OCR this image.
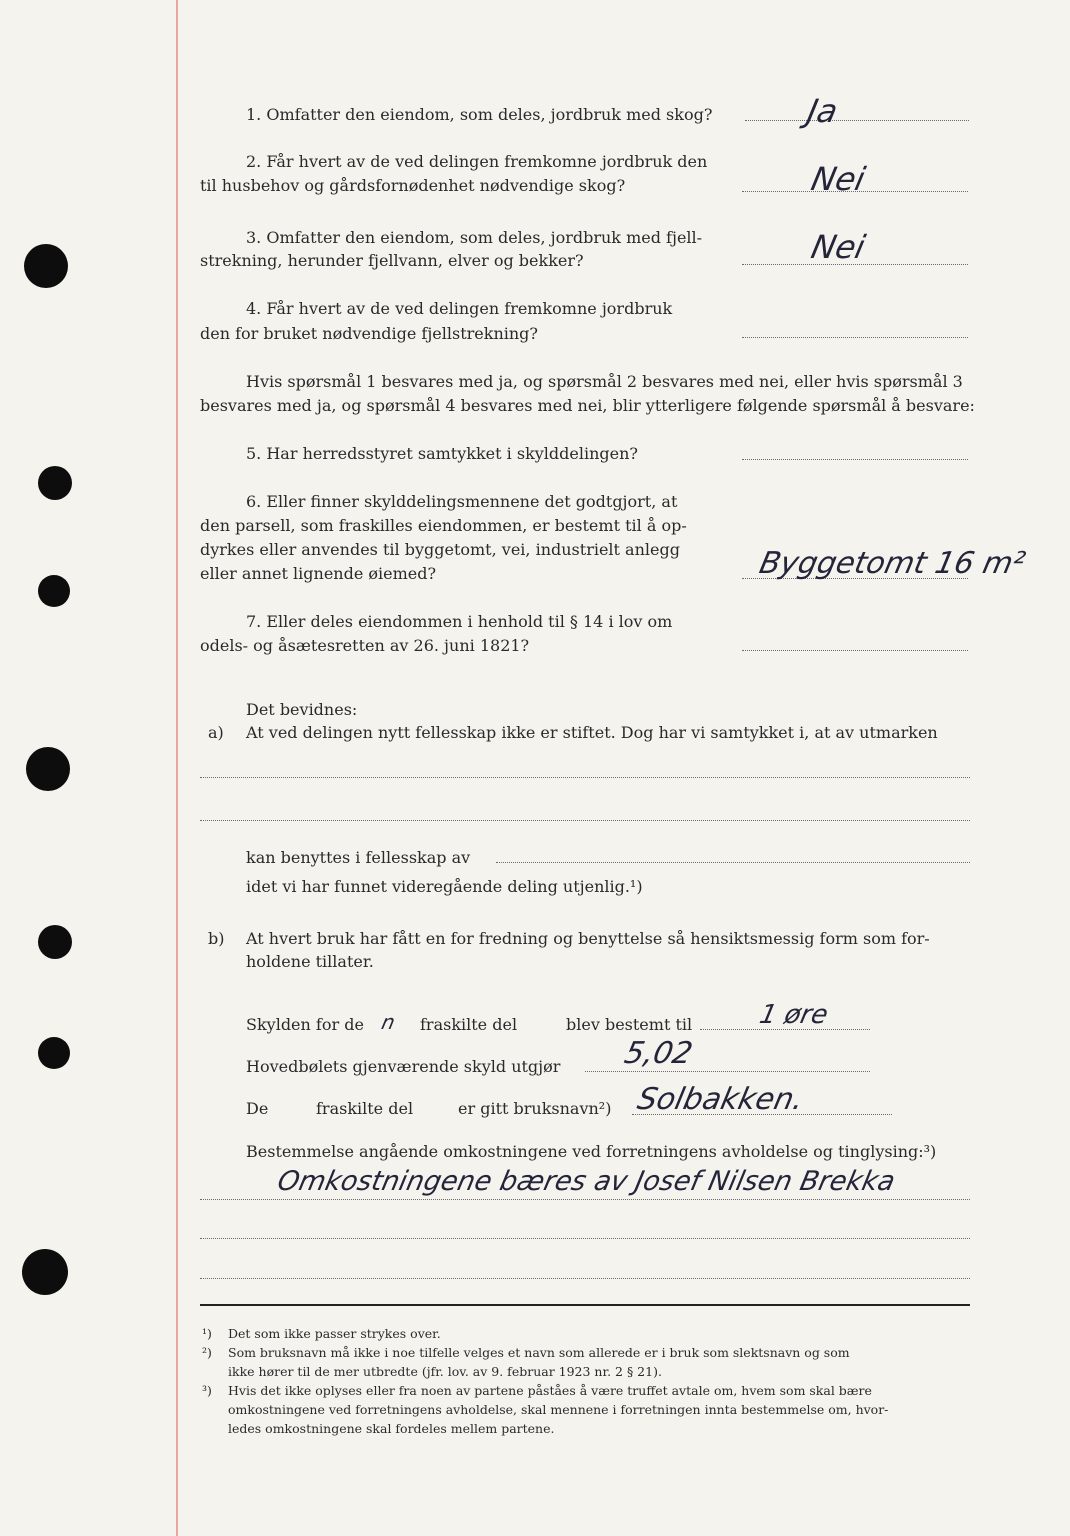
1. Omfatter den eiendom, som deles, jordbruk med skog?	Ja
2. Får hvert av de ved delingen fremkomne jordbruk den
til husbehov og gårdsfornødenhet nødvendige skog?	Nei
3. Omfatter den eiendom, som deles, jordbruk med fjell-
strekning, herunder fjellvann, elver og bekker?	Nei
4. Får hvert av de ved delingen fremkomne jordbruk
den for bruket nødvendige fjellstrekning?
Hvis spørsmål 1 besvares med ja, og spørsmål 2 besvares med nei, eller hvis spørsmål 3
besvares med ja, og spørsmål 4 besvares med nei, blir ytterligere følgende spørsmål å besvare:
5. Har herredsstyret samtykket i skylddelingen?
6. Eller finner skylddelingsmennene det godtgjort, at
den parsell, som fraskilles eiendommen, er bestemt til å op-
dyrkes eller anvendes til byggetomt, vei, industrielt anlegg
eller annet lignende øiemed?	Byggetomt 16 m²
7. Eller deles eiendommen i henhold til § 14 i lov om
odels- og åsætesretten av 26. juni 1821?
Det bevidnes:
a) At ved delingen nytt fellesskap ikke er stiftet. Dog har vi samtykket i, at av utmarken
kan benyttes i fellesskap av
idet vi har funnet videregående deling utjenlig.¹)
b) At hvert bruk har fått en for fredning og benyttelse så hensiktsmessig form som for-
holdene tillater.
Skylden for de n fraskilte del	blev bestemt til 1 øre
Hovedbølets gjenværende skyld utgjør 5,02
De	fraskilte del	er gitt bruksnavn²) Solbakken.
Bestemmelse angående omkostningene ved forretningens avholdelse og tinglysing:³)
Omkostningene bæres av Josef Nilsen Brekka
¹) Det som ikke passer strykes over.
²) Som bruksnavn må ikke i noe tilfelle velges et navn som allerede er i bruk som slektsnavn og som
ikke hører til de mer utbredte (jfr. lov. av 9. februar 1923 nr. 2 § 21).
³) Hvis det ikke oplyses eller fra noen av partene påståes å være truffet avtale om, hvem som skal bære
omkostningene ved forretningens avholdelse, skal mennene i forretningen innta bestemmelse om, hvor-
ledes omkostningene skal fordeles mellem partene.
